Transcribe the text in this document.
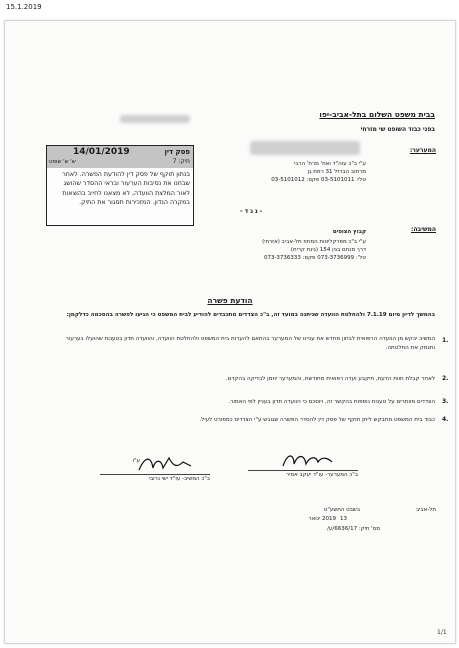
15.1.2019
בבית משפט השלום בתל-אביב-יפו
בפני כבוד השופט שי מזרחי
המערער:
ע"י ב"כ עוה"ד ואח' מרח' הרבי
מרחוב הברזל 31 רמת גן
טלי: 03-5101011 פקס: 03-5101012
- נ ג ד -
המשיבה:
קבוץ הצופים
ע"י ב"כ מפרקליטות המחוז תל-אביב (אזרחי)
דרך מנחם בגין 154 (גינת קרית)
טל': 073-3736999 פקס: 073-3736333
פסק דין
14/01/2019
תיק: 7
ש' ש' שופט
בנתון תוקף של פסק דין להודעת הפשרה. לאחר שבחנו את נסיבות הערעור ובראי ההסדר שהושג לאור המלצת הוועדה, לא מצאנו לחייב בהוצאות במקרה הנדון. המזכירות תסגור את התיק.
הודעת פשרה
בהמשך לדיון מיום 7.1.19 ולהחלטת הוועדה שניתנה במועד זה, ב"כ הצדדים מתכבדים להודיע לבית המשפט כי הגיעו לפשרה בהסכמה כדלקמן:
1.
המשיב יבקש מן הוועדה הרפואית לבחון מחדש את עניינו של המערער בהתאם להערות בית המשפט ולהחלטת הוועדה, והוועדה תדון בטענות שהועלו בערעור ותנמק את החלטתה.
2.
לאחר קבלת חוות הדעת, תיקבע ועדה רפואית מחודשת, והמערער יוזמן לבדיקה בהקדם.
3.
הצדדים מוותרים על טענות נוספות בהקשר זה, ויוסכם כי הוועדה תדון בעניין לפי האמור.
4.
כבוד בית המשפט מתבקש ליתן תוקף של פסק דין להסדר הפשרה שגובש ע"י הצדדים כמפורט לעיל.
ע"ו
ב"כ המשיב- עו"ד ישי נרובי
ב"כ המערער- עו"ד יעקב אמיר
תל-אביב
בשבט התשע"ט
2019 ינואר 13
מס' תיק: 6636/17/ע/
1/1
